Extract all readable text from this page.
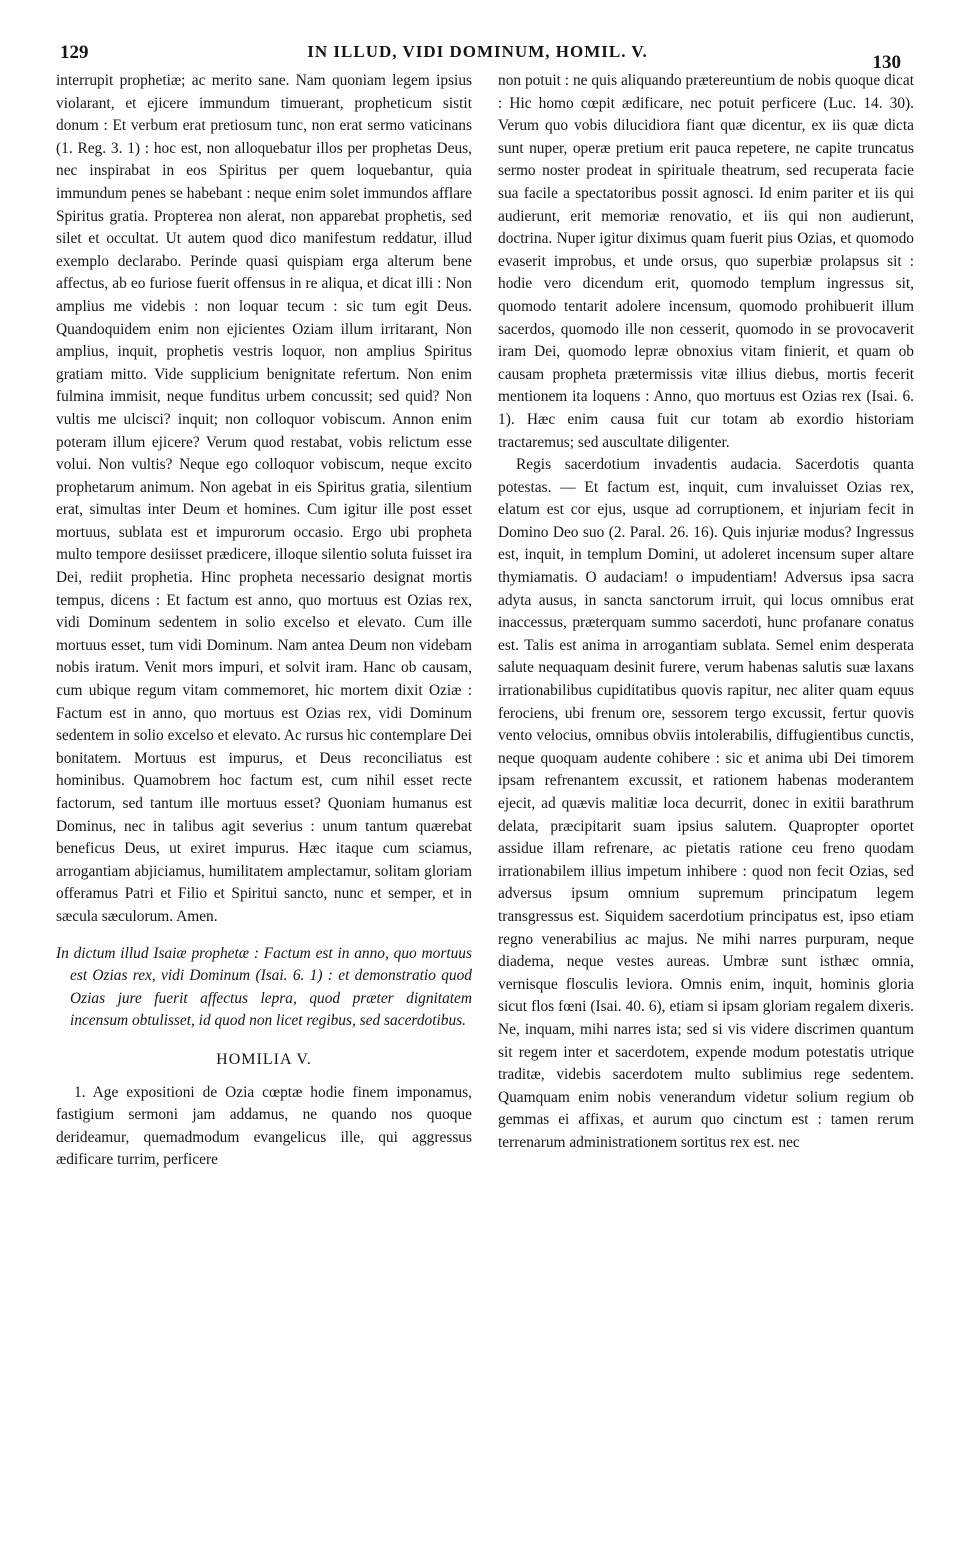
129	IN ILLUD, VIDI DOMINUM, HOMIL. V.
130

interrupit prophetiæ; ac merito sane. Nam quoniam legem ipsius violarant, et ejicere immundum timuerant, propheticum sistit donum : Et verbum erat pretiosum tunc, non erat sermo vaticinans (1. Reg. 3. 1) : hoc est, non alloquebatur illos per prophetas Deus, nec inspirabat in eos Spiritus per quem loquebantur, quia immundum penes se habebant : neque enim solet immundos afflare Spiritus gratia. Propterea non alerat, non apparebat prophetis, sed silet et occultat. Ut autem quod dico manifestum reddatur, illud exemplo declarabo. Perinde quasi quispiam erga alterum bene affectus, ab eo furiose fuerit offensus in re aliqua, et dicat illi : Non amplius me videbis : non loquar tecum : sic tum egit Deus. Quandoquidem enim non ejicientes Oziam illum irritarant, Non amplius, inquit, prophetis vestris loquor, non amplius Spiritus gratiam mitto. Vide supplicium benignitate refertum. Non enim fulmina immisit, neque funditus urbem concussit; sed quid? Non vultis me ulcisci? inquit; non colloquor vobiscum. Annon enim poteram illum ejicere? Verum quod restabat, vobis relictum esse volui. Non vultis? Neque ego colloquor vobiscum, neque excito prophetarum animum. Non agebat in eis Spiritus gratia, silentium erat, simultas inter Deum et homines. Cum igitur ille post esset mortuus, sublata est et impurorum occasio. Ergo ubi propheta multo tempore desiisset prædicere, illoque silentio soluta fuisset ira Dei, rediit prophetia. Hinc propheta necessario designat mortis tempus, dicens : Et factum est anno, quo mortuus est Ozias rex, vidi Dominum sedentem in solio excelso et elevato. Cum ille mortuus esset, tum vidi Dominum. Nam antea Deum non videbam nobis iratum. Venit mors impuri, et solvit iram. Hanc ob causam, cum ubique regum vitam commemoret, hic mortem dixit Oziæ : Factum est in anno, quo mortuus est Ozias rex, vidi Dominum sedentem in solio excelso et elevato. Ac rursus hic contemplare Dei bonitatem. Mortuus est impurus, et Deus reconciliatus est hominibus. Quamobrem hoc factum est, cum nihil esset recte factorum, sed tantum ille mortuus esset? Quoniam humanus est Dominus, nec in talibus agit severius : unum tantum quærebat beneficus Deus, ut exiret impurus. Hæc itaque cum sciamus, arrogantiam abjiciamus, humilitatem amplectamur, solitam gloriam offeramus Patri et Filio et Spiritui sancto, nunc et semper, et in sæcula sæculorum. Amen.

In dictum illud Isaiæ prophetæ : Factum est in anno, quo mortuus est Ozias rex, vidi Dominum (Isai. 6. 1) : et demonstratio quod Ozias jure fuerit affectus lepra, quod præter dignitatem incensum obtulisset, id quod non licet regibus, sed sacerdotibus.

HOMILIA V.

1. Age expositioni de Ozia cœptæ hodie finem imponamus, fastigium sermoni jam addamus, ne quando nos quoque derideamur, quemadmodum evangelicus ille, qui aggressus ædificare turrim, perficere

non potuit : ne quis aliquando prætereuntium de nobis quoque dicat : Hic homo cœpit ædificare, nec potuit perficere (Luc. 14. 30). Verum quo vobis dilucidiora fiant quæ dicentur, ex iis quæ dicta sunt nuper, operæ pretium erit pauca repetere, ne capite truncatus sermo noster prodeat in spirituale theatrum, sed recuperata facie sua facile a spectatoribus possit agnosci. Id enim pariter et iis qui audierunt, erit memoriæ renovatio, et iis qui non audierunt, doctrina. Nuper igitur diximus quam fuerit pius Ozias, et quomodo evaserit improbus, et unde orsus, quo superbiæ prolapsus sit : hodie vero dicendum erit, quomodo templum ingressus sit, quomodo tentarit adolere incensum, quomodo prohibuerit illum sacerdos, quomodo ille non cesserit, quomodo in se provocaverit iram Dei, quomodo lepræ obnoxius vitam finierit, et quam ob causam propheta prætermissis vitæ illius diebus, mortis fecerit mentionem ita loquens : Anno, quo mortuus est Ozias rex (Isai. 6. 1). Hæc enim causa fuit cur totam ab exordio historiam tractaremus; sed auscultate diligenter.

Regis sacerdotium invadentis audacia. Sacerdotis quanta potestas. — Et factum est, inquit, cum invaluisset Ozias rex, elatum est cor ejus, usque ad corruptionem, et injuriam fecit in Domino Deo suo (2. Paral. 26. 16). Quis injuriæ modus? Ingressus est, inquit, in templum Domini, ut adoleret incensum super altare thymiamatis. O audaciam! o impudentiam! Adversus ipsa sacra adyta ausus, in sancta sanctorum irruit, qui locus omnibus erat inaccessus, præterquam summo sacerdoti, hunc profanare conatus est. Talis est anima in arrogantiam sublata. Semel enim desperata salute nequaquam desinit furere, verum habenas salutis suæ laxans irrationabilibus cupiditatibus quovis rapitur, nec aliter quam equus ferociens, ubi frenum ore, sessorem tergo excussit, fertur quovis vento velocius, omnibus obviis intolerabilis, diffugientibus cunctis, neque quoquam audente cohibere : sic et anima ubi Dei timorem ipsam refrenantem excussit, et rationem habenas moderantem ejecit, ad quævis malitiæ loca decurrit, donec in exitii barathrum delata, præcipitarit suam ipsius salutem. Quapropter oportet assidue illam refrenare, ac pietatis ratione ceu freno quodam irrationabilem illius impetum inhibere : quod non fecit Ozias, sed adversus ipsum omnium supremum principatum legem transgressus est. Siquidem sacerdotium principatus est, ipso etiam regno venerabilius ac majus. Ne mihi narres purpuram, neque diadema, neque vestes aureas. Umbræ sunt isthæc omnia, vernisque flosculis leviora. Omnis enim, inquit, hominis gloria sicut flos fœni (Isai. 40. 6), etiam si ipsam gloriam regalem dixeris. Ne, inquam, mihi narres ista; sed si vis videre discrimen quantum sit regem inter et sacerdotem, expende modum potestatis utrique traditæ, videbis sacerdotem multo sublimius rege sedentem. Quamquam enim nobis venerandum videtur solium regium ob gemmas ei affixas, et aurum quo cinctum est : tamen rerum terrenarum administrationem sortitus rex est. nec
